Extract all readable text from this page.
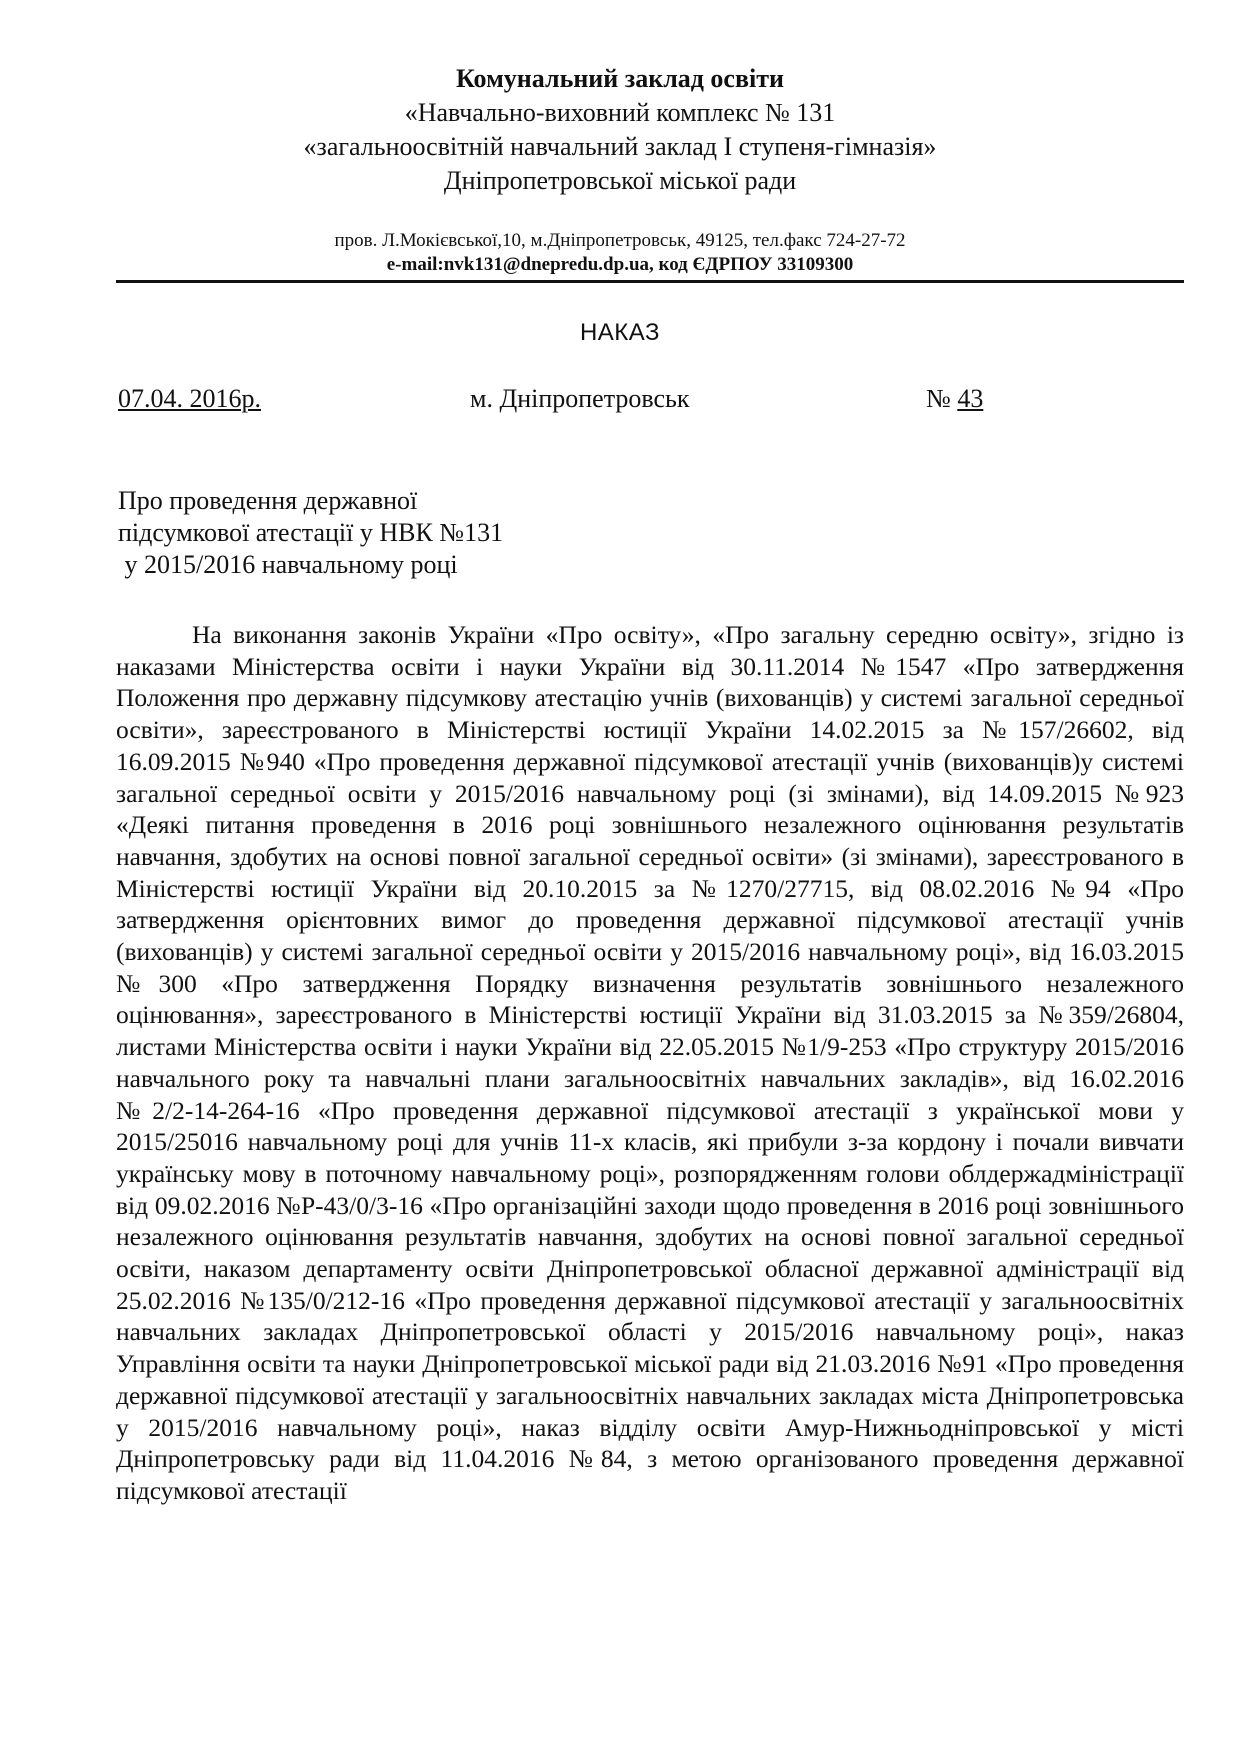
Комунальний заклад освіти
«Навчально-виховний комплекс № 131
«загальноосвітній навчальний заклад І ступеня-гімназія»
Дніпропетровської міської ради
пров. Л.Мокієвської,10, м.Дніпропетровськ, 49125, тел.факс 724-27-72
e-mail:nvk131@dnepredu.dp.ua, код ЄДРПОУ 33109300
НАКАЗ
07.04. 2016р.	м. Дніпропетровськ	№ 43
Про проведення державної
підсумкової атестації у НВК №131
у 2015/2016 навчальному році

На виконання законів України «Про освіту», «Про загальну середню освіту», згідно із наказами Міністерства освіти і науки України від 30.11.2014 №1547 «Про затвердження Положення про державну підсумкову атестацію учнів (вихованців) у системі загальної середньої освіти», зареєстрованого в Міністерстві юстиції України 14.02.2015 за №157/26602, від 16.09.2015 №940 «Про проведення державної підсумкової атестації учнів (вихованців)у системі загальної середньої освіти у 2015/2016 навчальному році (зі змінами), від 14.09.2015 №923 «Деякі питання проведення в 2016 році зовнішнього незалежного оцінювання результатів навчання, здобутих на основі повної загальної середньої освіти» (зі змінами), зареєстрованого в Міністерстві юстиції України від 20.10.2015 за №1270/27715, від 08.02.2016 №94 «Про затвердження орієнтовних вимог до проведення державної підсумкової атестації учнів (вихованців) у системі загальної середньої освіти у 2015/2016 навчальному році», від 16.03.2015 №300 «Про затвердження Порядку визначення результатів зовнішнього незалежного оцінювання», зареєстрованого в Міністерстві юстиції України від 31.03.2015 за №359/26804, листами Міністерства освіти і науки України від 22.05.2015 №1/9-253 «Про структуру 2015/2016 навчального року та навчальні плани загальноосвітніх навчальних закладів», від 16.02.2016 №2/2-14-264-16 «Про проведення державної підсумкової атестації з української мови у 2015/25016 навчальному році для учнів 11-х класів, які прибули з-за кордону і почали вивчати українську мову в поточному навчальному році», розпорядженням голови облдержадміністрації від 09.02.2016 №Р-43/0/3-16 «Про організаційні заходи щодо проведення в 2016 році зовнішнього незалежного оцінювання результатів навчання, здобутих на основі повної загальної середньої освіти, наказом департаменту освіти Дніпропетровської обласної державної адміністрації від 25.02.2016 №135/0/212-16 «Про проведення державної підсумкової атестації у загальноосвітніх навчальних закладах Дніпропетровської області у 2015/2016 навчальному році», наказ Управління освіти та науки Дніпропетровської міської ради від 21.03.2016 №91 «Про проведення державної підсумкової атестації у загальноосвітніх навчальних закладах міста Дніпропетровська у 2015/2016 навчальному році», наказ відділу освіти Амур-Нижньодніпровської у місті Дніпропетровську ради від 11.04.2016 №84, з метою організованого проведення державної підсумкової атестації
